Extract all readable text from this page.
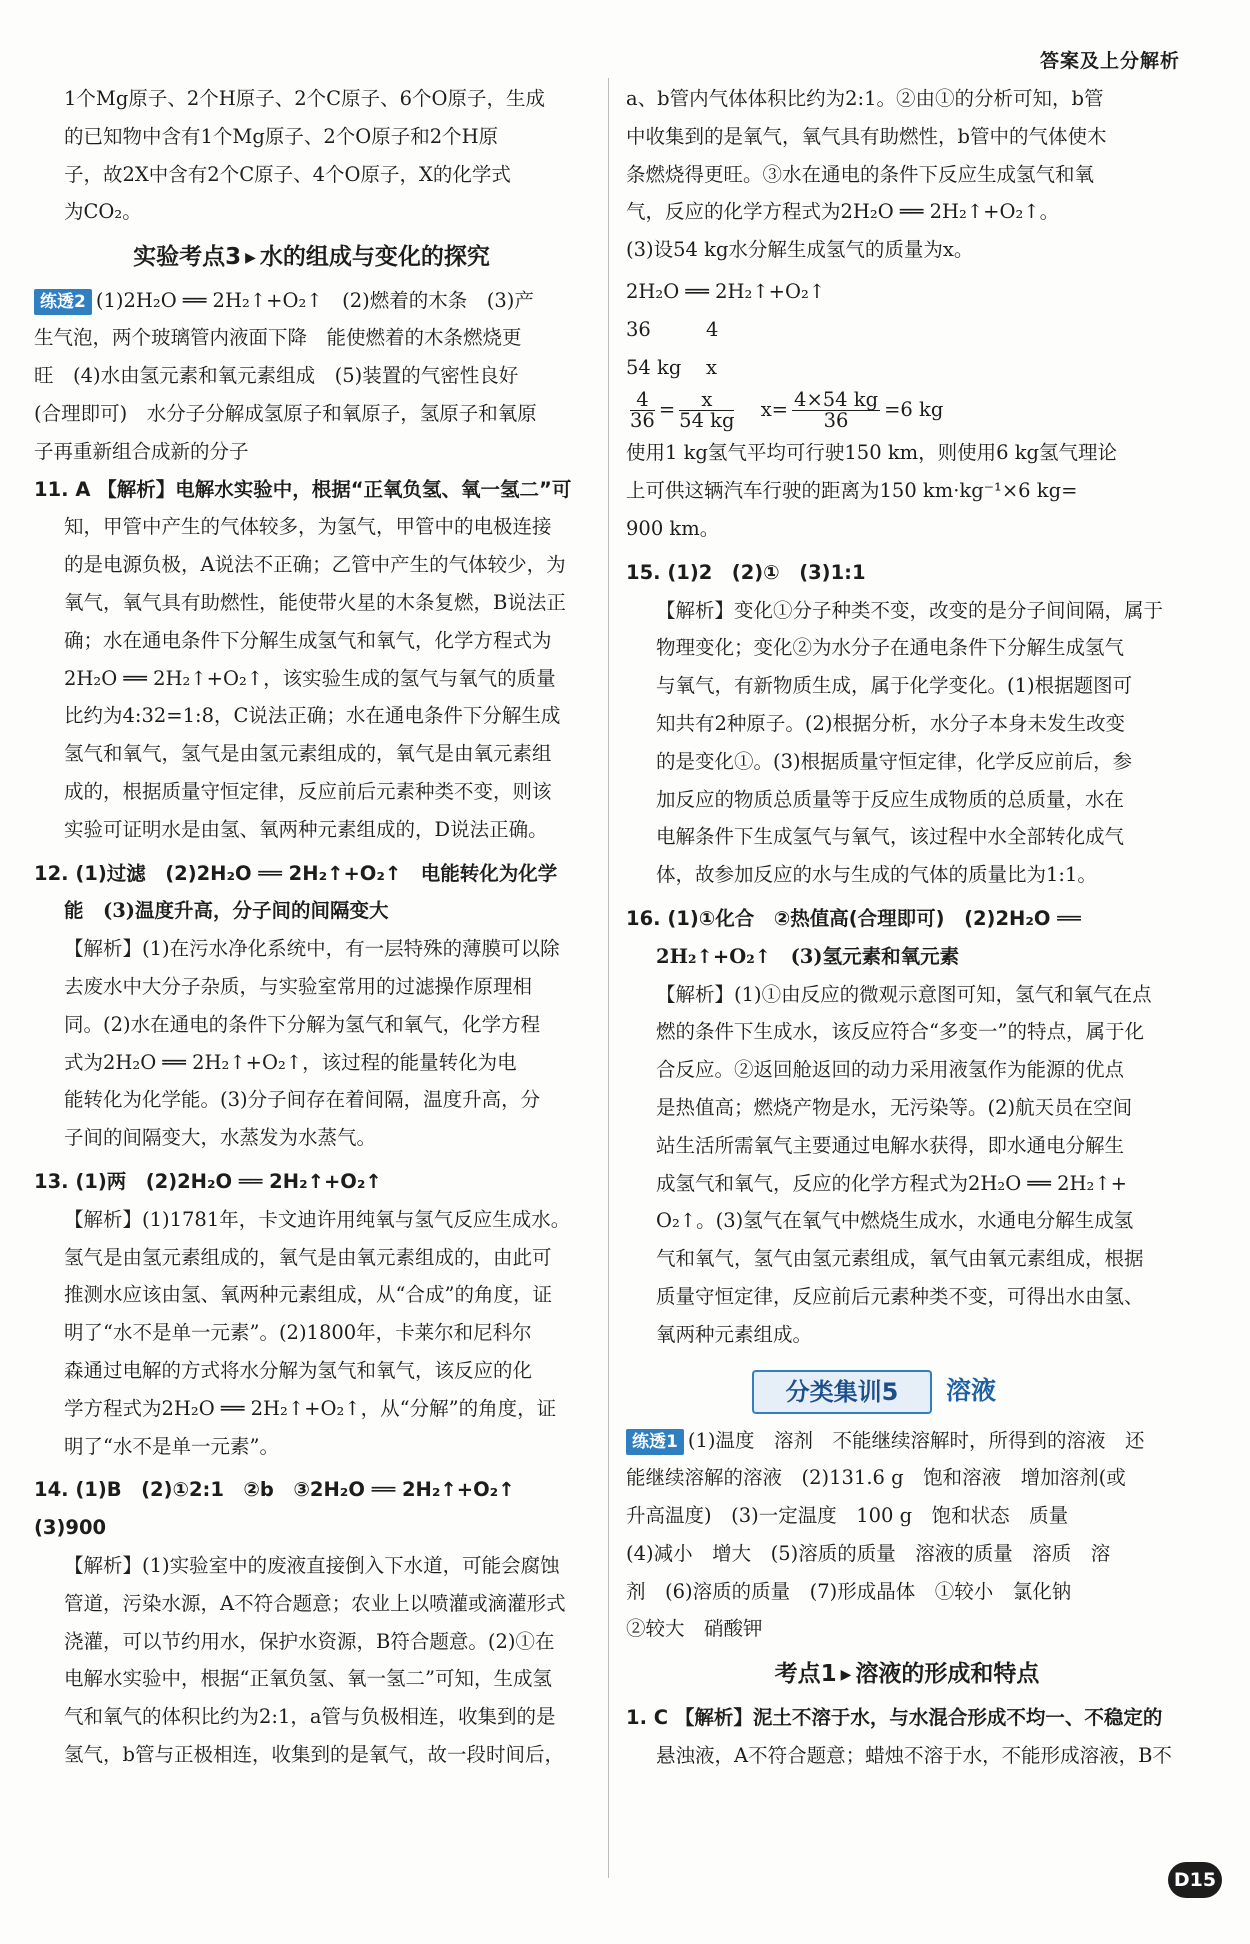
答案及上分解析

1个Mg原子、2个H原子、2个C原子、6个O原子，生成

的已知物中含有1个Mg原子、2个O原子和2个H原

子，故2X中含有2个C原子、4个O原子，X的化学式

为CO₂。

实验考点3 ▶ 水的组成与变化的探究

练透2 (1)2H₂O ══ 2H₂↑+O₂↑　(2)燃着的木条　(3)产

生气泡，两个玻璃管内液面下降　能使燃着的木条燃烧更

旺　(4)水由氢元素和氧元素组成　(5)装置的气密性良好

(合理即可)　水分子分解成氢原子和氧原子，氢原子和氧原

子再重新组合成新的分子

11. A 【解析】电解水实验中，根据“正氧负氢、氧一氢二”可

知，甲管中产生的气体较多，为氢气，甲管中的电极连接

的是电源负极，A说法不正确；乙管中产生的气体较少，为

氧气，氧气具有助燃性，能使带火星的木条复燃，B说法正

确；水在通电条件下分解生成氢气和氧气，化学方程式为

2H₂O ══ 2H₂↑+O₂↑，该实验生成的氢气与氧气的质量

比约为4:32=1:8，C说法正确；水在通电条件下分解生成

氢气和氧气，氢气是由氢元素组成的，氧气是由氧元素组

成的，根据质量守恒定律，反应前后元素种类不变，则该

实验可证明水是由氢、氧两种元素组成的，D说法正确。

12. (1)过滤　(2)2H₂O ══ 2H₂↑+O₂↑　电能转化为化学

能　(3)温度升高，分子间的间隔变大

【解析】(1)在污水净化系统中，有一层特殊的薄膜可以除

去废水中大分子杂质，与实验室常用的过滤操作原理相

同。(2)水在通电的条件下分解为氢气和氧气，化学方程

式为2H₂O ══ 2H₂↑+O₂↑，该过程的能量转化为电

能转化为化学能。(3)分子间存在着间隔，温度升高，分

子间的间隔变大，水蒸发为水蒸气。

13. (1)两　(2)2H₂O ══ 2H₂↑+O₂↑

【解析】(1)1781年，卡文迪许用纯氧与氢气反应生成水。

氢气是由氢元素组成的，氧气是由氧元素组成的，由此可

推测水应该由氢、氧两种元素组成，从“合成”的角度，证

明了“水不是单一元素”。(2)1800年，卡莱尔和尼科尔

森通过电解的方式将水分解为氢气和氧气，该反应的化

学方程式为2H₂O ══ 2H₂↑+O₂↑，从“分解”的角度，证

明了“水不是单一元素”。

14. (1)B　(2)①2:1　②b　③2H₂O ══ 2H₂↑+O₂↑　(3)900

【解析】(1)实验室中的废液直接倒入下水道，可能会腐蚀

管道，污染水源，A不符合题意；农业上以喷灌或滴灌形式

浇灌，可以节约用水，保护水资源，B符合题意。(2)①在

电解水实验中，根据“正氧负氢、氧一氢二”可知，生成氢

气和氧气的体积比约为2:1，a管与负极相连，收集到的是

氢气，b管与正极相连，收集到的是氧气，故一段时间后，

a、b管内气体体积比约为2:1。②由①的分析可知，b管

中收集到的是氧气，氧气具有助燃性，b管中的气体使木

条燃烧得更旺。③水在通电的条件下反应生成氢气和氧

气，反应的化学方程式为2H₂O ══ 2H₂↑+O₂↑。

(3)设54 kg水分解生成氢气的质量为x。

2H₂O ══ 2H₂↑+O₂↑

36	4

54 kg x

$\frac{4}{36} = \frac{x}{54 kg} x= \frac{4\times 54 kg}{36} =6$ kg

使用1 kg氢气平均可行驶150 km，则使用6 kg氢气理论

上可供这辆汽车行驶的距离为150 km·kg⁻¹×6 kg=

900 km。

15. (1)2　(2)①　(3)1:1

【解析】变化①分子种类不变，改变的是分子间间隔，属于

物理变化；变化②为水分子在通电条件下分解生成氢气

与氧气，有新物质生成，属于化学变化。(1)根据题图可

知共有2种原子。(2)根据分析，水分子本身未发生改变

的是变化①。(3)根据质量守恒定律，化学反应前后，参

加反应的物质总质量等于反应生成物质的总质量，水在

电解条件下生成氢气与氧气，该过程中水全部转化成气

体，故参加反应的水与生成的气体的质量比为1:1。

16. (1)①化合　②热值高(合理即可)　(2)2H₂O ══

2H₂↑+O₂↑　(3)氢元素和氧元素

【解析】(1)①由反应的微观示意图可知，氢气和氧气在点

燃的条件下生成水，该反应符合“多变一”的特点，属于化

合反应。②返回舱返回的动力采用液氢作为能源的优点

是热值高；燃烧产物是水，无污染等。(2)航天员在空间

站生活所需氧气主要通过电解水获得，即水通电分解生

成氢气和氧气，反应的化学方程式为2H₂O ══ 2H₂↑+

O₂↑。(3)氢气在氧气中燃烧生成水，水通电分解生成氢

气和氧气，氢气由氢元素组成，氧气由氧元素组成，根据

质量守恒定律，反应前后元素种类不变，可得出水由氢、

氧两种元素组成。

分类集训5	溶液

练透1 (1)温度　溶剂　不能继续溶解时，所得到的溶液　还

能继续溶解的溶液　(2)131.6 g　饱和溶液　增加溶剂(或

升高温度)　(3)一定温度　100 g　饱和状态　质量

(4)减小　增大　(5)溶质的质量　溶液的质量　溶质　溶

剂　(6)溶质的质量　(7)形成晶体　①较小　氯化钠

②较大　硝酸钾

考点1 ▶ 溶液的形成和特点

1. C 【解析】泥土不溶于水，与水混合形成不均一、不稳定的

悬浊液，A不符合题意；蜡烛不溶于水，不能形成溶液，B不

D15
